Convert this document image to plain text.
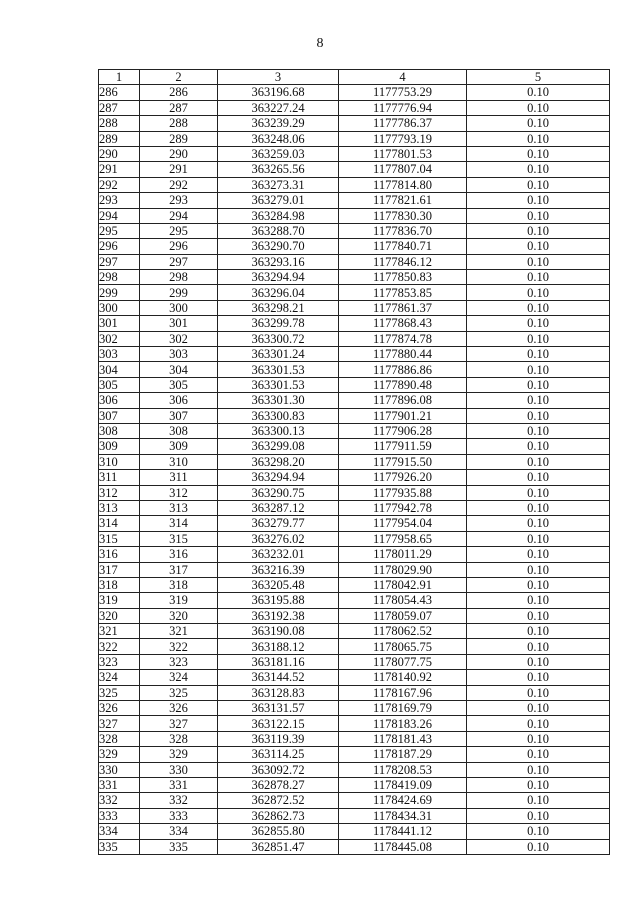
8
1	2	3	4	5
286	286	363196.68	1177753.29	0.10
287	287	363227.24	1177776.94	0.10
288	288	363239.29	1177786.37	0.10
289	289	363248.06	1177793.19	0.10
290	290	363259.03	1177801.53	0.10
291	291	363265.56	1177807.04	0.10
292	292	363273.31	1177814.80	0.10
293	293	363279.01	1177821.61	0.10
294	294	363284.98	1177830.30	0.10
295	295	363288.70	1177836.70	0.10
296	296	363290.70	1177840.71	0.10
297	297	363293.16	1177846.12	0.10
298	298	363294.94	1177850.83	0.10
299	299	363296.04	1177853.85	0.10
300	300	363298.21	1177861.37	0.10
301	301	363299.78	1177868.43	0.10
302	302	363300.72	1177874.78	0.10
303	303	363301.24	1177880.44	0.10
304	304	363301.53	1177886.86	0.10
305	305	363301.53	1177890.48	0.10
306	306	363301.30	1177896.08	0.10
307	307	363300.83	1177901.21	0.10
308	308	363300.13	1177906.28	0.10
309	309	363299.08	1177911.59	0.10
310	310	363298.20	1177915.50	0.10
311	311	363294.94	1177926.20	0.10
312	312	363290.75	1177935.88	0.10
313	313	363287.12	1177942.78	0.10
314	314	363279.77	1177954.04	0.10
315	315	363276.02	1177958.65	0.10
316	316	363232.01	1178011.29	0.10
317	317	363216.39	1178029.90	0.10
318	318	363205.48	1178042.91	0.10
319	319	363195.88	1178054.43	0.10
320	320	363192.38	1178059.07	0.10
321	321	363190.08	1178062.52	0.10
322	322	363188.12	1178065.75	0.10
323	323	363181.16	1178077.75	0.10
324	324	363144.52	1178140.92	0.10
325	325	363128.83	1178167.96	0.10
326	326	363131.57	1178169.79	0.10
327	327	363122.15	1178183.26	0.10
328	328	363119.39	1178181.43	0.10
329	329	363114.25	1178187.29	0.10
330	330	363092.72	1178208.53	0.10
331	331	362878.27	1178419.09	0.10
332	332	362872.52	1178424.69	0.10
333	333	362862.73	1178434.31	0.10
334	334	362855.80	1178441.12	0.10
335	335	362851.47	1178445.08	0.10
